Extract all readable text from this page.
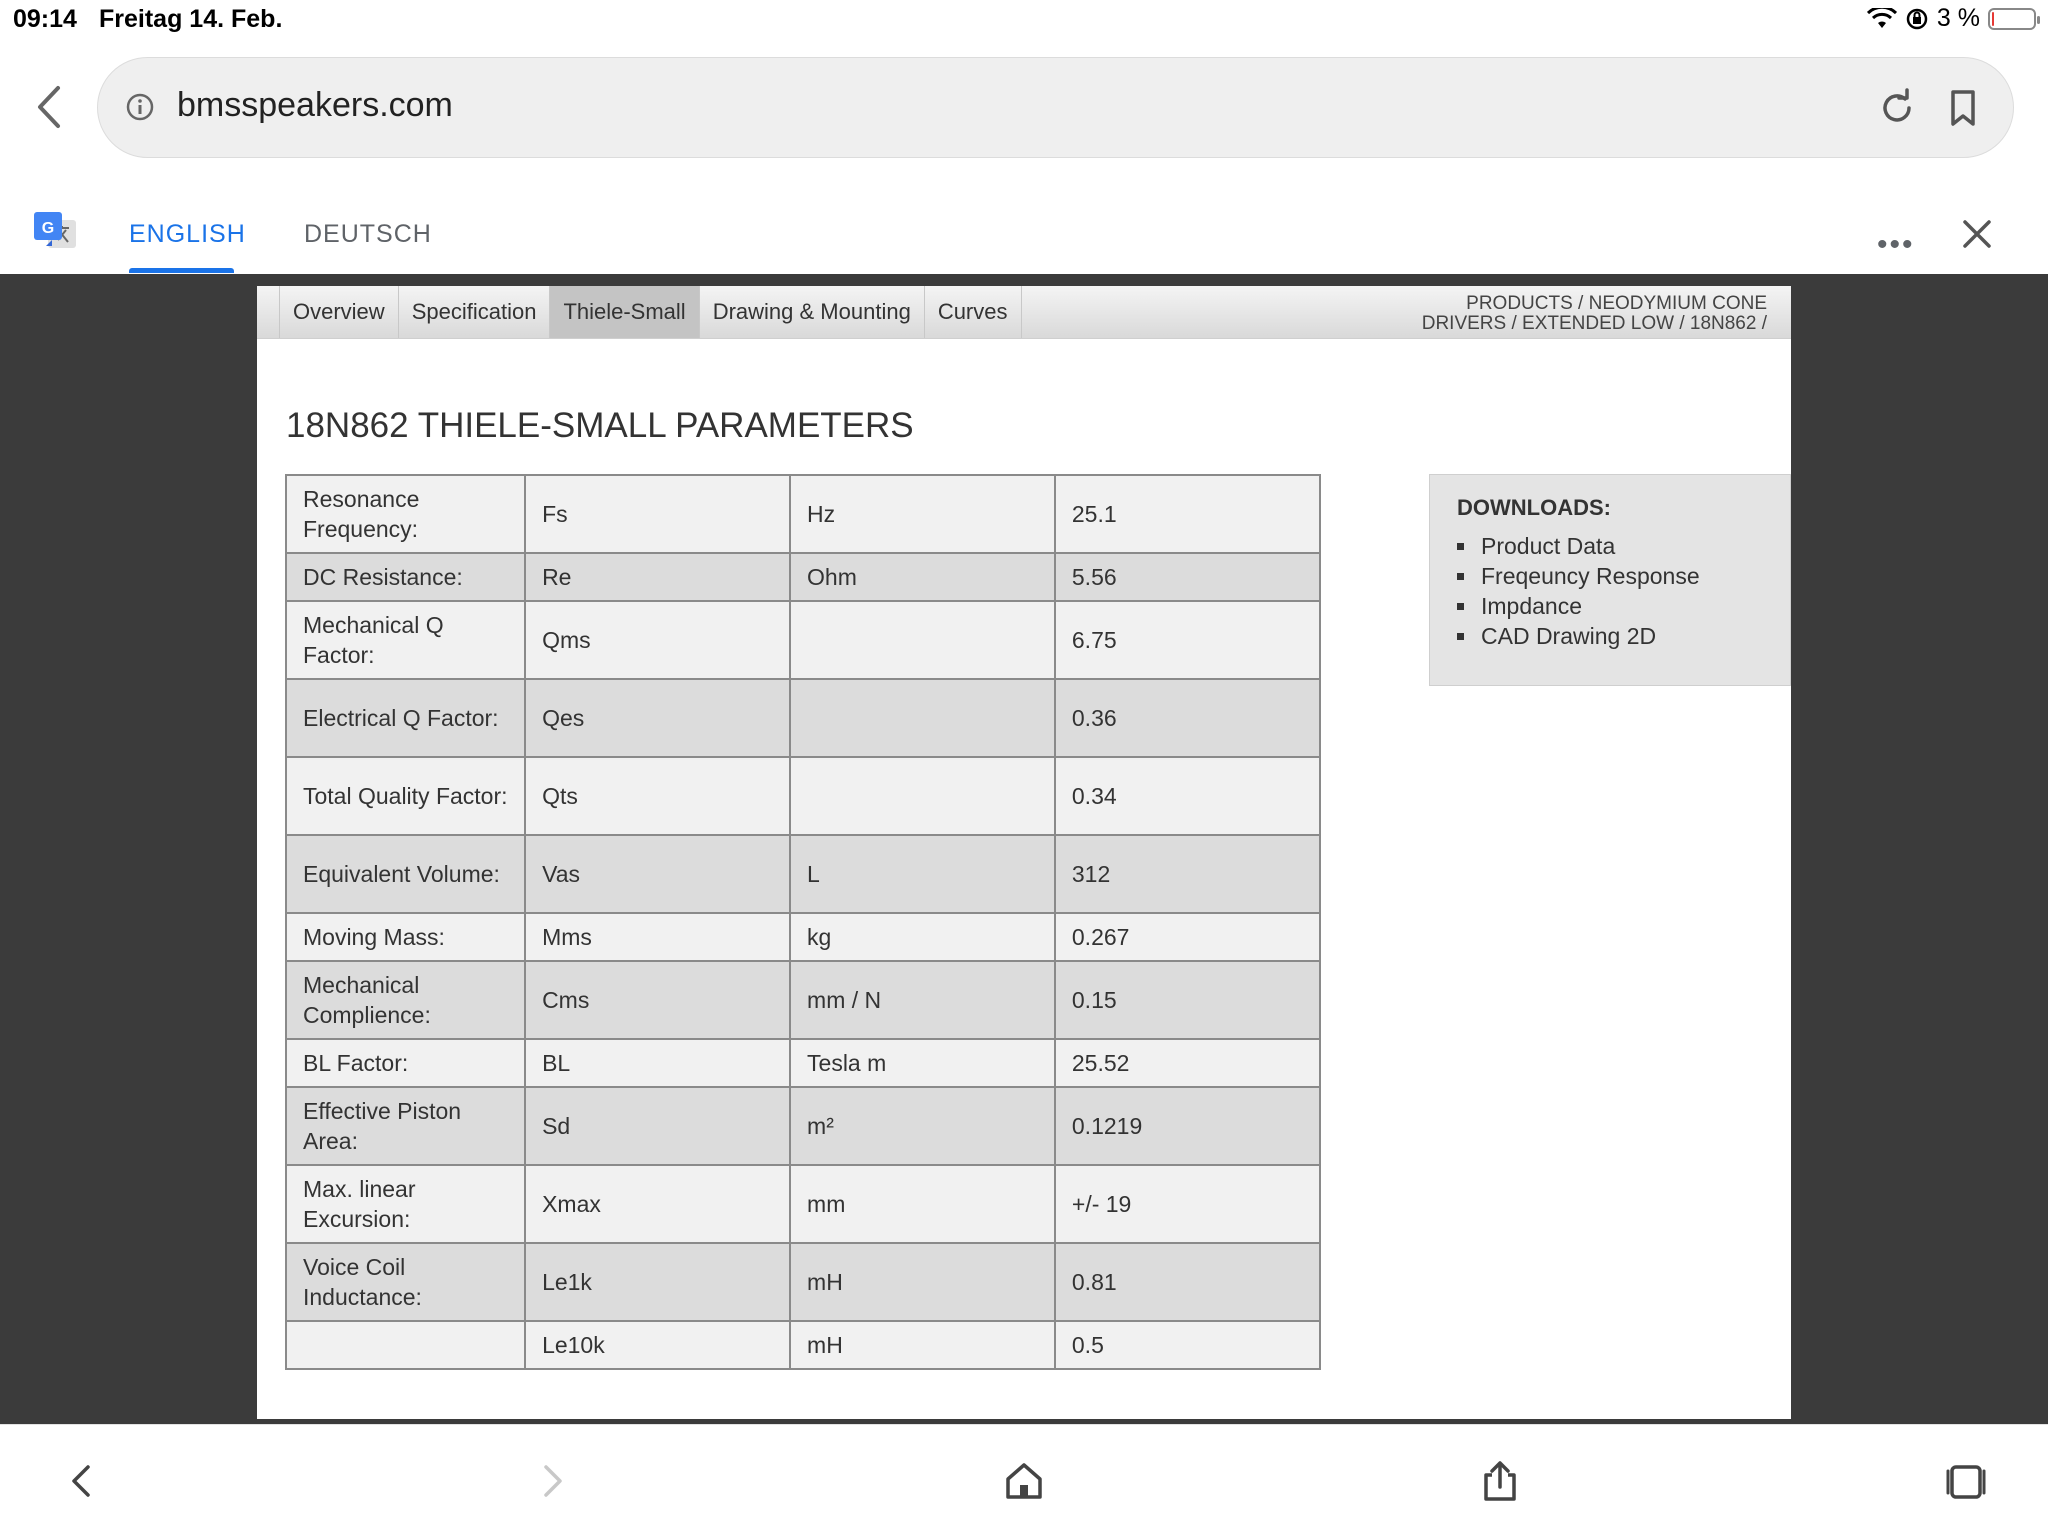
09:14 Freitag 14. Feb.	3 %
bmsspeakers.com
G	ENGLISH DEUTSCH	•••
Overview	Specification	Thiele-Small	Drawing & Mounting	Curves	PRODUCTS / NEODYMIUM CONE
DRIVERS / EXTENDED LOW / 18N862 /
18N862 THIELE-SMALL PARAMETERS
Resonance Frequency:	Fs	Hz	25.1
DC Resistance:	Re	Ohm	5.56
Mechanical Q Factor:	Qms		6.75
Electrical Q Factor:	Qes		0.36
Total Quality Factor:	Qts		0.34
Equivalent Volume:	Vas	L	312
Moving Mass:	Mms	kg	0.267
Mechanical Complience:	Cms	mm / N	0.15
BL Factor:	BL	Tesla m	25.52
Effective Piston Area:	Sd	m²	0.1219
Max. linear Excursion:	Xmax	mm	+/- 19
Voice Coil Inductance:	Le1k	mH	0.81
	Le10k	mH	0.5
DOWNLOADS:
Product Data
Freqeuncy Response
Impdance
CAD Drawing 2D
